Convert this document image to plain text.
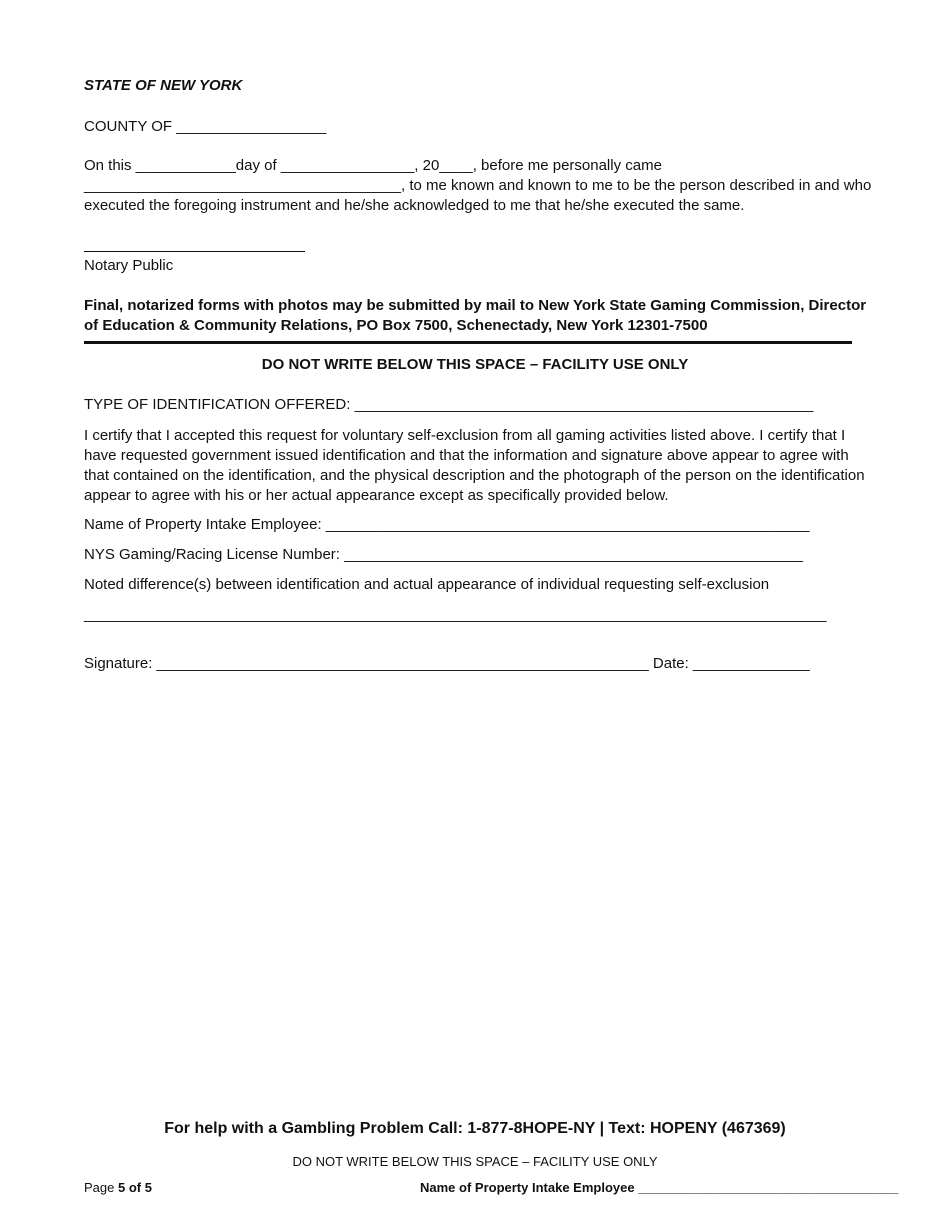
STATE OF NEW YORK
COUNTY OF __________________
On this ____________day of ________________, 20____, before me personally came ______________________________________, to me known and known to me to be the person described in and who executed the foregoing instrument and he/she acknowledged to me that he/she executed the same.
Notary Public
Final, notarized forms with photos may be submitted by mail to New York State Gaming Commission, Director of Education & Community Relations, PO Box 7500, Schenectady, New York 12301-7500
DO NOT WRITE BELOW THIS SPACE – FACILITY USE ONLY
TYPE OF IDENTIFICATION OFFERED: _______________________________________________________
I certify that I accepted this request for voluntary self-exclusion from all gaming activities listed above. I certify that I have requested government issued identification and that the information and signature above appear to agree with that contained on the identification, and the physical description and the photograph of the person on the identification appear to agree with his or her actual appearance except as specifically provided below.
Name of Property Intake Employee: __________________________________________________________
NYS Gaming/Racing License Number: _______________________________________________________
Noted difference(s) between identification and actual appearance of individual requesting self-exclusion
_________________________________________________________________________________________
Signature: ___________________________________________________________ Date: ______________
For help with a Gambling Problem Call: 1-877-8HOPE-NY | Text: HOPENY (467369)
DO NOT WRITE BELOW THIS SPACE – FACILITY USE ONLY
Page 5 of 5	Name of Property Intake Employee ____________________________________
